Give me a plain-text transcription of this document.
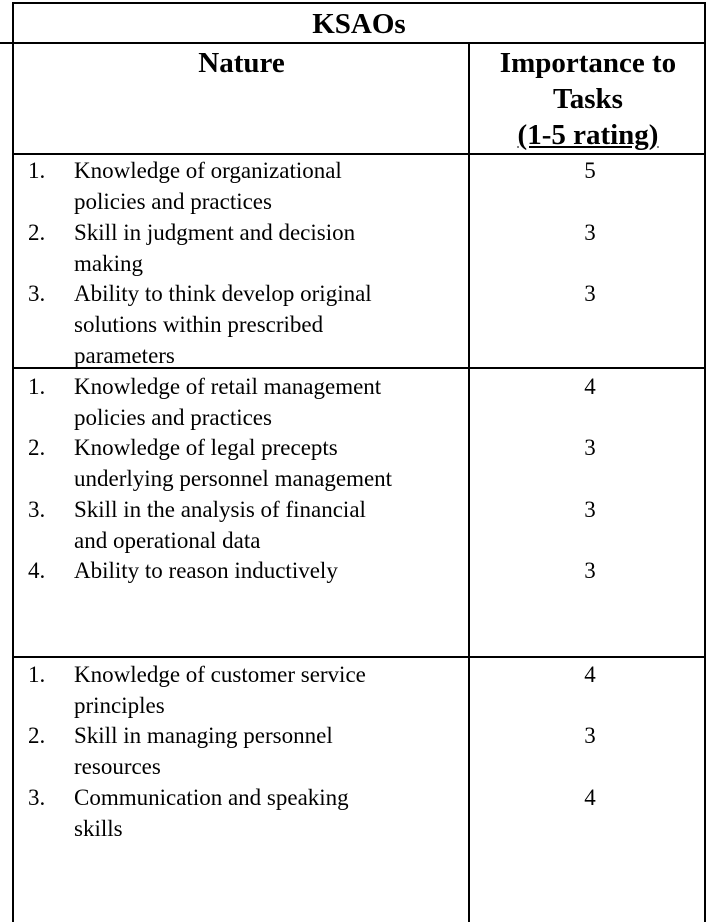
KSAOs
Nature	Importance to
Tasks
(1-5 rating)
1. Knowledge of organizational
policies and practices
5
2. Skill in judgment and decision
making
3
3. Ability to think develop original
solutions within prescribed
parameters
3
1. Knowledge of retail management
policies and practices
4
2. Knowledge of legal precepts
underlying personnel management
3
3. Skill in the analysis of financial
and operational data
3
4. Ability to reason inductively	3
1. Knowledge of customer service
principles
4
2. Skill in managing personnel
resources
3
3. Communication and speaking
skills
4
